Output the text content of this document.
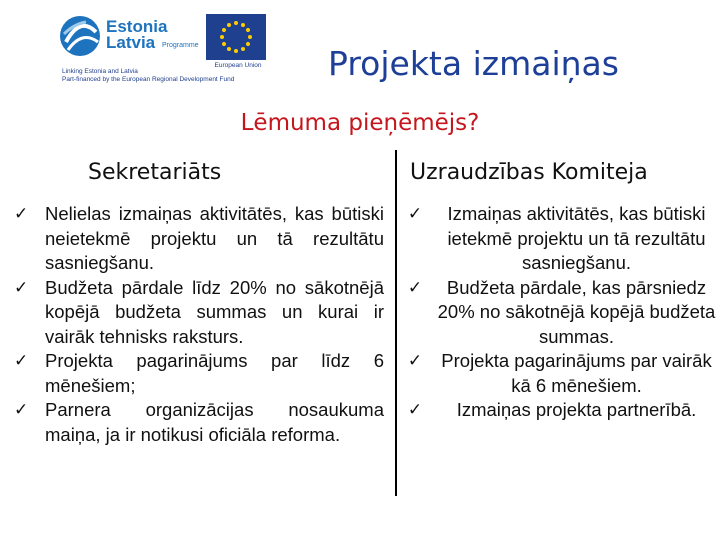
Estonia
Latvia Programme
European Union
Linking Estonia and Latvia
Part-financed by the European Regional Development Fund	Projekta izmaiņas
Lēmuma pieņēmējs?
Sekretariāts	Uzraudzības Komiteja
✓ Nelielas izmaiņas aktivitātēs, kas būtiski neietekmē projektu un tā rezultātu sasniegšanu.
✓ Budžeta pārdale līdz 20% no sākotnējā kopējā budžeta summas un kurai ir vairāk tehnisks raksturs.
✓ Projekta pagarinājums par līdz 6 mēnešiem;
✓ Parnera organizācijas nosaukuma maiņa, ja ir notikusi oficiāla reforma.
✓ Izmaiņas aktivitātēs, kas būtiski ietekmē projektu un tā rezultātu sasniegšanu.
✓ Budžeta pārdale, kas pārsniedz 20% no sākotnējā kopējā budžeta summas.
✓ Projekta pagarinājums par vairāk kā 6 mēnešiem.
✓ Izmaiņas projekta partnerībā.
